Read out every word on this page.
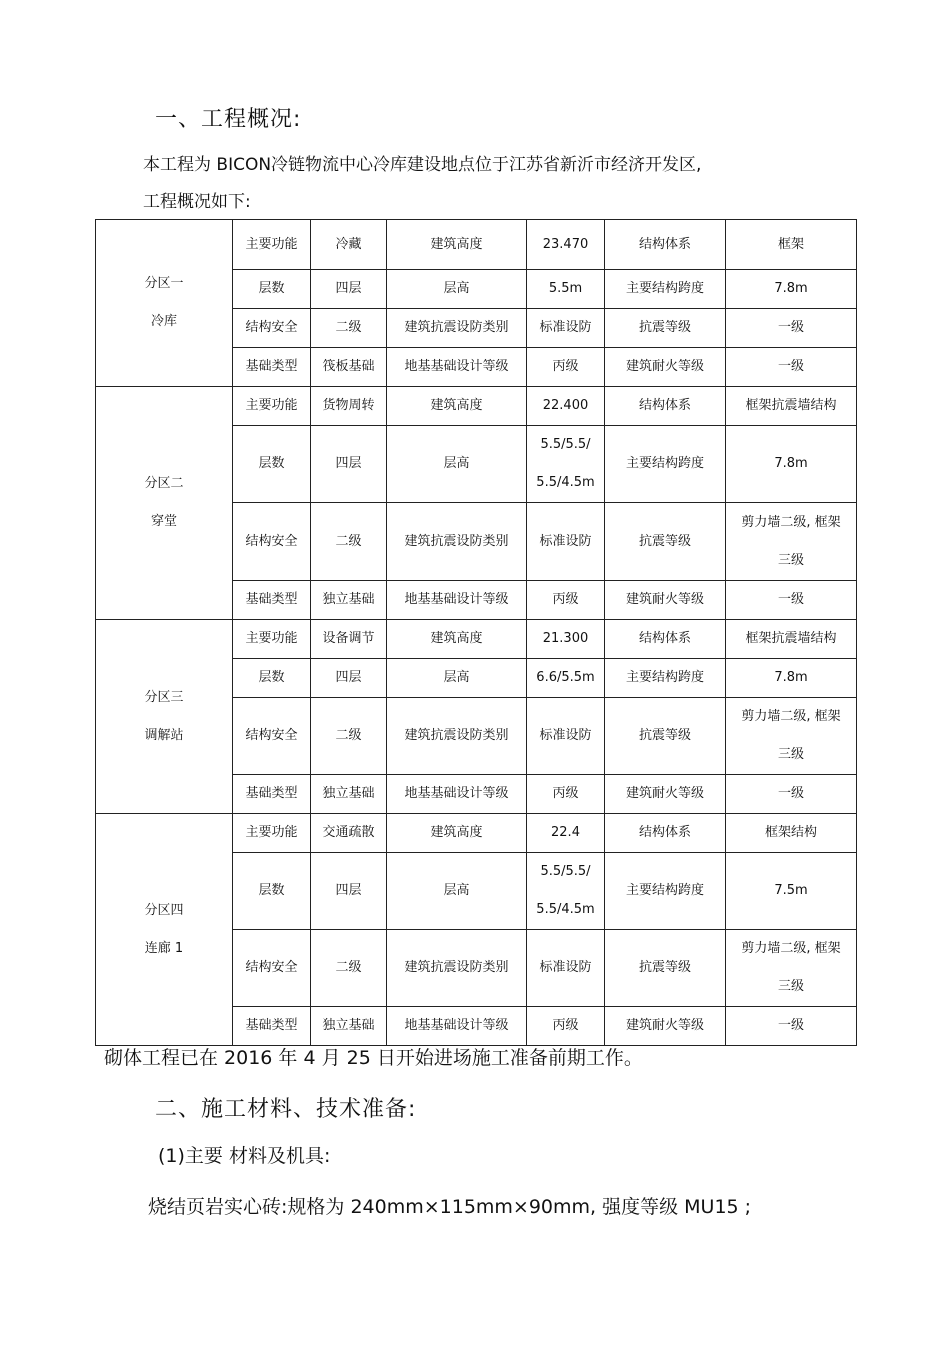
一、工程概况:
本工程为 BICON冷链物流中心冷库建设地点位于江苏省新沂市经济开发区,
工程概况如下:
分区一
冷库	主要功能	冷藏	建筑高度	23.470	结构体系	框架
	层数	四层	层高	5.5m	主要结构跨度	7.8m
	结构安全	二级	建筑抗震设防类别	标准设防	抗震等级	一级
	基础类型	筏板基础	地基基础设计等级	丙级	建筑耐火等级	一级

分区二
穿堂	主要功能	货物周转	建筑高度	22.400	结构体系	框架抗震墙结构
	层数	四层	层高	5.5/5.5/
5.5/4.5m	主要结构跨度	7.8m
	结构安全	二级	建筑抗震设防类别	标准设防	抗震等级	剪力墙二级, 框架
三级
	基础类型	独立基础	地基基础设计等级	丙级	建筑耐火等级	一级

分区三
调解站	主要功能	设备调节	建筑高度	21.300	结构体系	框架抗震墙结构
	层数	四层	层高	6.6/5.5m	主要结构跨度	7.8m
	结构安全	二级	建筑抗震设防类别	标准设防	抗震等级	剪力墙二级, 框架
三级
	基础类型	独立基础	地基基础设计等级	丙级	建筑耐火等级	一级

分区四
连廊 1	主要功能	交通疏散	建筑高度	22.4	结构体系	框架结构
	层数	四层	层高	5.5/5.5/
5.5/4.5m	主要结构跨度	7.5m
	结构安全	二级	建筑抗震设防类别	标准设防	抗震等级	剪力墙二级, 框架
三级
	基础类型	独立基础	地基基础设计等级	丙级	建筑耐火等级	一级
砌体工程已在 2016 年 4 月 25 日开始进场施工准备前期工作。
二、施工材料、技术准备:
(1)主要 材料及机具:
烧结页岩实心砖:规格为 240mm×115mm×90mm, 强度等级 MU15 ;
